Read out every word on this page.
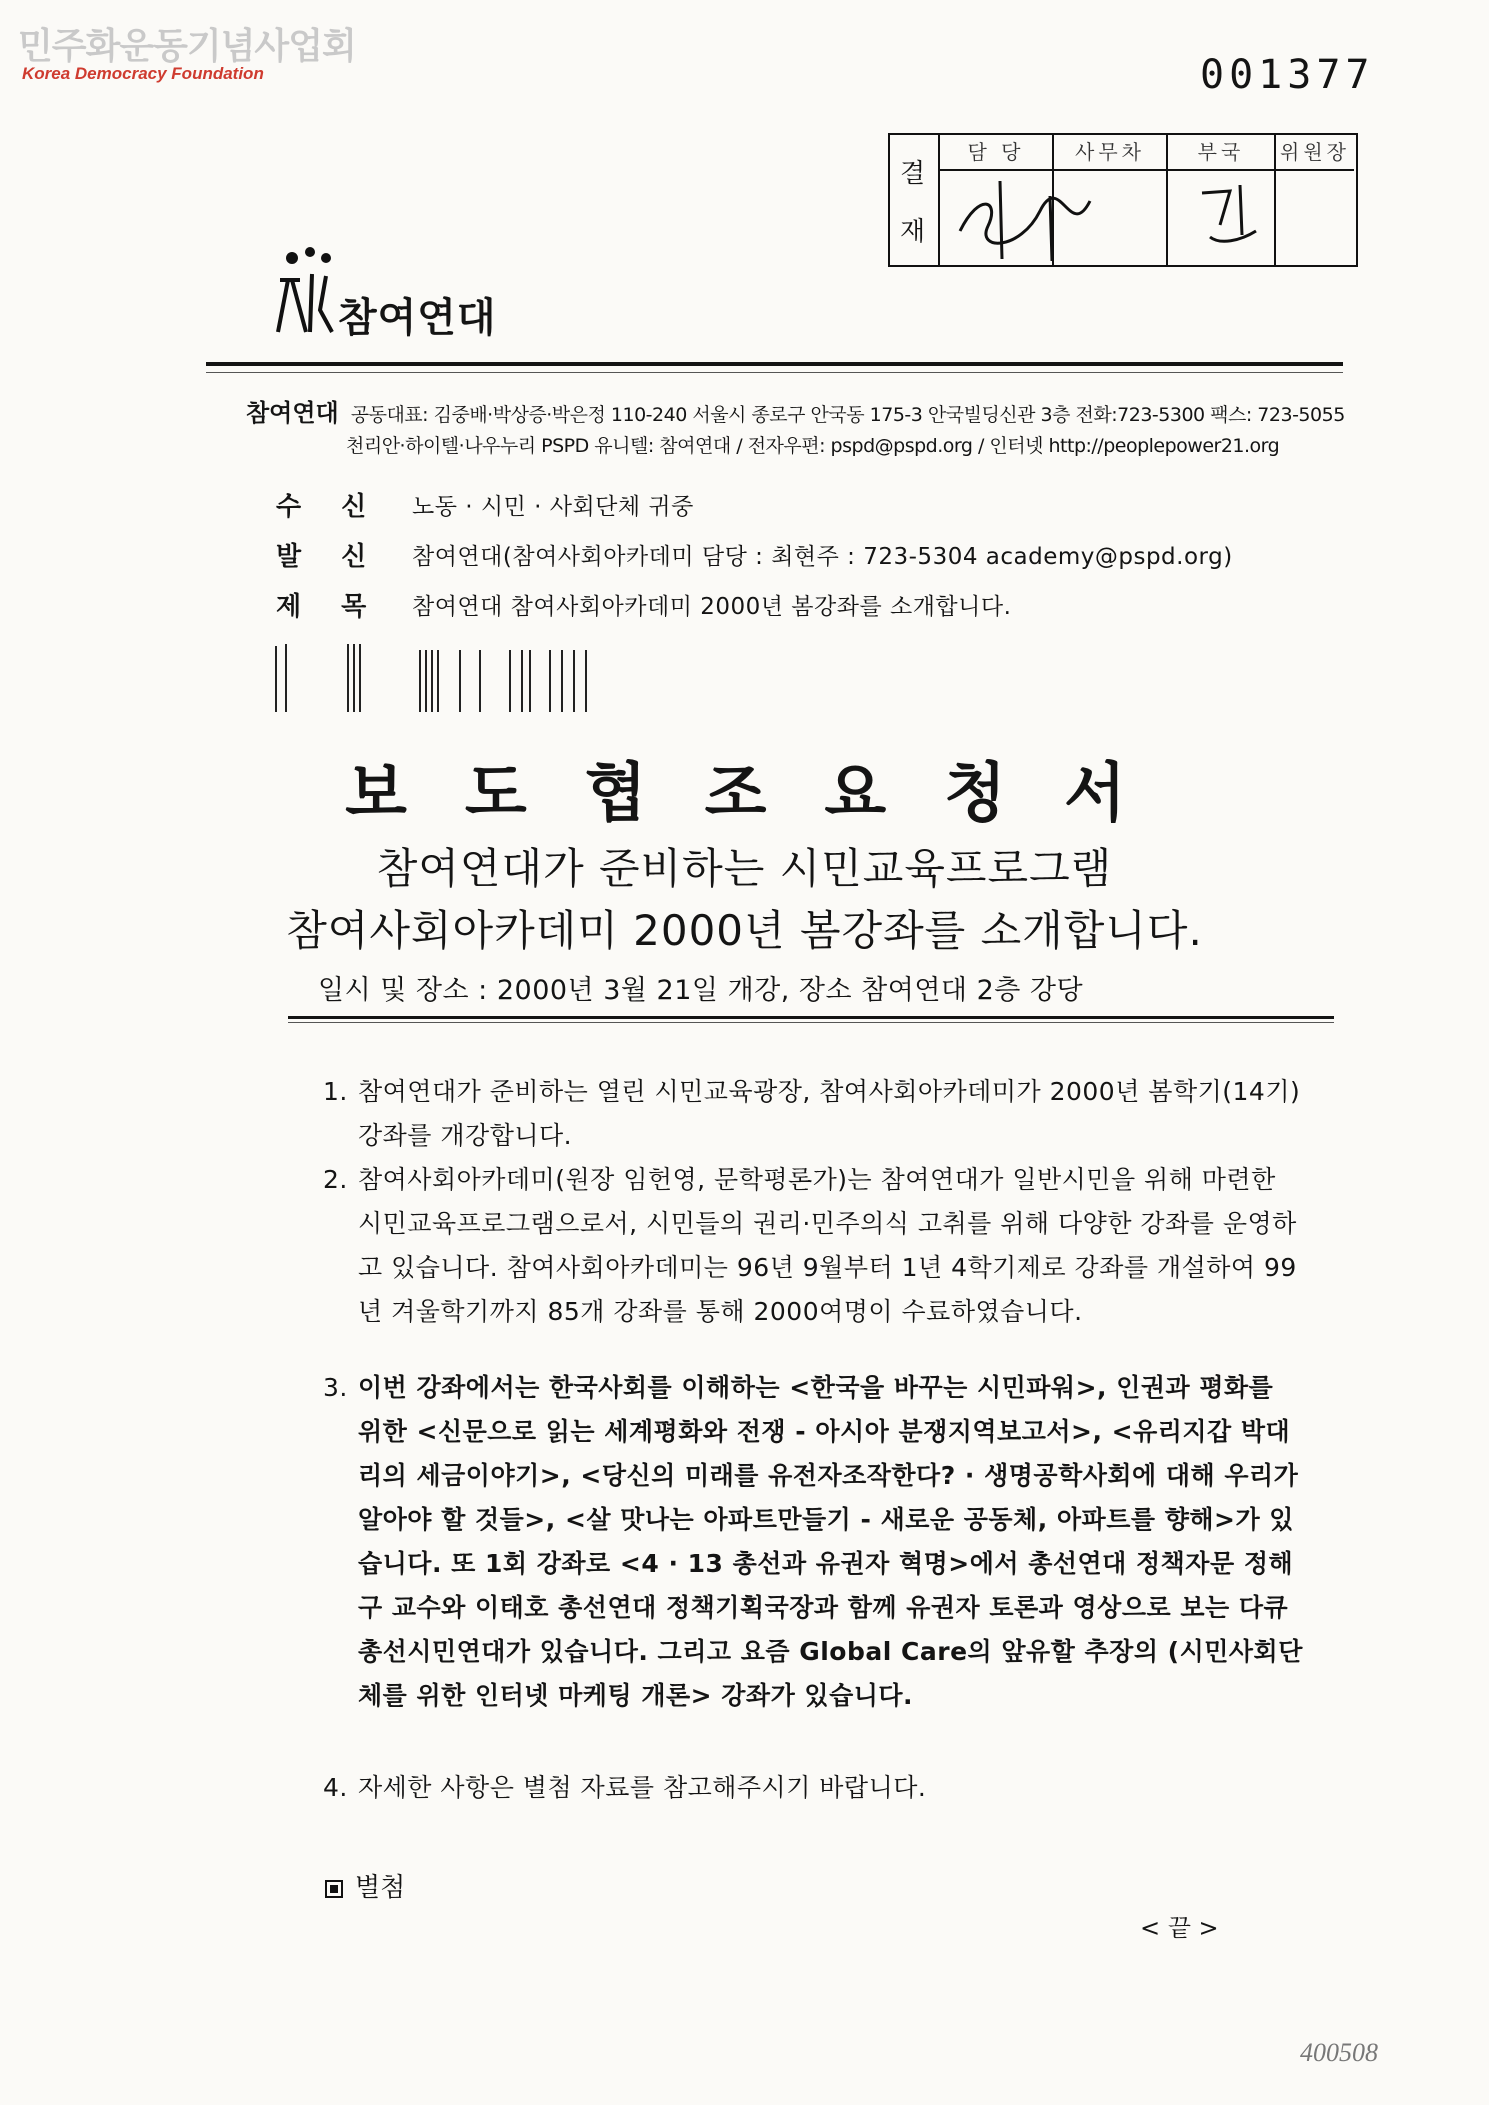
민주화운동기념사업회
Korea Democracy Foundation	001377
결
재
담 당	사무차	부국	위원장
참여연대
참여연대 공동대표: 김중배·박상증·박은정 110-240 서울시 종로구 안국동 175-3 안국빌딩신관 3층 전화:723-5300 팩스: 723-5055
천리안·하이텔·나우누리 PSPD 유니텔: 참여연대 / 전자우편: pspd@pspd.org / 인터넷 http://peoplepower21.org
수신 노동 · 시민 · 사회단체 귀중
발신 참여연대(참여사회아카데미 담당 : 최현주 : 723-5304 academy@pspd.org)
제목 참여연대 참여사회아카데미 2000년 봄강좌를 소개합니다.
보도협조요청서
참여연대가 준비하는 시민교육프로그램
참여사회아카데미 2000년 봄강좌를 소개합니다.
일시 및 장소 : 2000년 3월 21일 개강, 장소 참여연대 2층 강당
1. 참여연대가 준비하는 열린 시민교육광장, 참여사회아카데미가 2000년 봄학기(14기) 강좌를 개강합니다.
2. 참여사회아카데미(원장 임헌영, 문학평론가)는 참여연대가 일반시민을 위해 마련한 시민교육프로그램으로서, 시민들의 권리·민주의식 고취를 위해 다양한 강좌를 운영하고 있습니다. 참여사회아카데미는 96년 9월부터 1년 4학기제로 강좌를 개설하여 99년 겨울학기까지 85개 강좌를 통해 2000여명이 수료하였습니다.
3. 이번 강좌에서는 한국사회를 이해하는 <한국을 바꾸는 시민파워>, 인권과 평화를 위한 <신문으로 읽는 세계평화와 전쟁 - 아시아 분쟁지역보고서>, <유리지갑 박대리의 세금이야기>, <당신의 미래를 유전자조작한다? · 생명공학사회에 대해 우리가 알아야 할 것들>, <살 맛나는 아파트만들기 - 새로운 공동체, 아파트를 향해>가 있습니다. 또 1회 강좌로 <4 · 13 총선과 유권자 혁명>에서 총선연대 정책자문 정해구 교수와 이태호 총선연대 정책기획국장과 함께 유권자 토론과 영상으로 보는 다큐 총선시민연대가 있습니다. 그리고 요즘 Global Care의 앞유할 추장의 (시민사회단체를 위한 인터넷 마케팅 개론> 강좌가 있습니다.
4. 자세한 사항은 별첨 자료를 참고해주시기 바랍니다.
별첨
< 끝 >
400508
